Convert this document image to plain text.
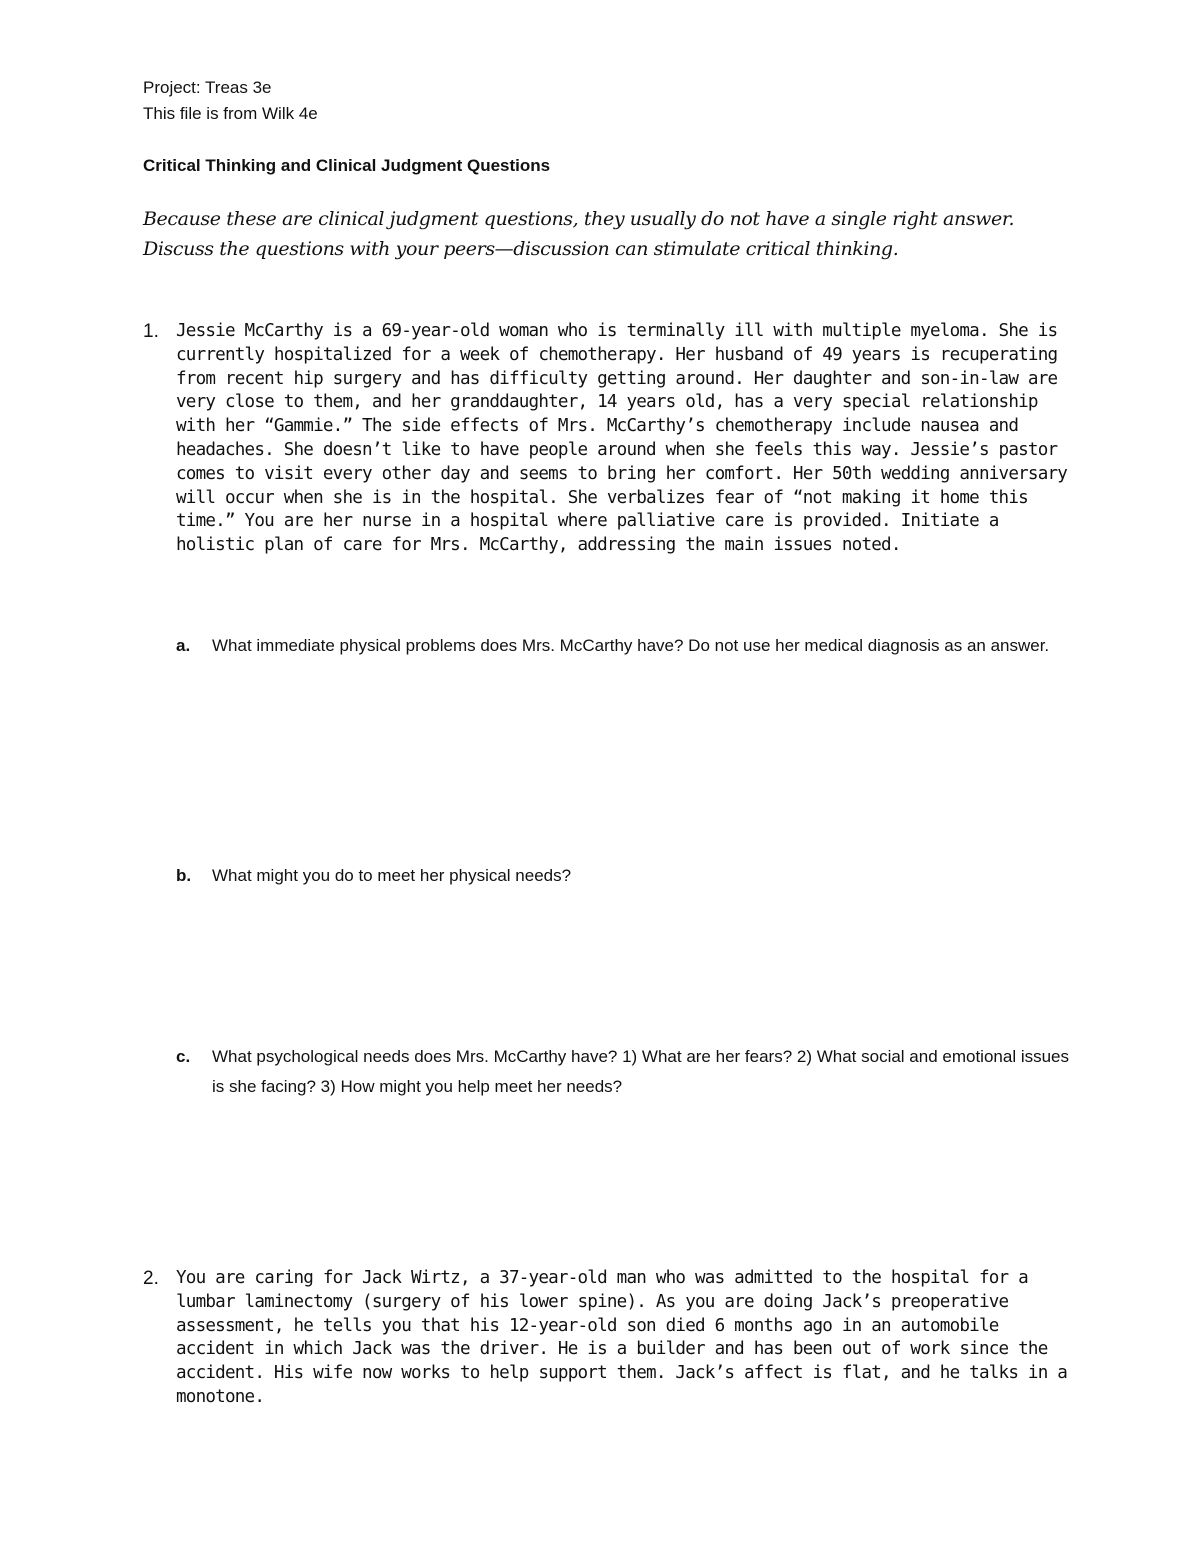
Project: Treas 3e
This file is from Wilk 4e
Critical Thinking and Clinical Judgment Questions
Because these are clinical judgment questions, they usually do not have a single right answer. Discuss the questions with your peers—discussion can stimulate critical thinking.
1. Jessie McCarthy is a 69-year-old woman who is terminally ill with multiple myeloma. She is currently hospitalized for a week of chemotherapy. Her husband of 49 years is recuperating from recent hip surgery and has difficulty getting around. Her daughter and son-in-law are very close to them, and her granddaughter, 14 years old, has a very special relationship with her “Gammie.” The side effects of Mrs. McCarthy’s chemotherapy include nausea and headaches. She doesn’t like to have people around when she feels this way. Jessie’s pastor comes to visit every other day and seems to bring her comfort. Her 50th wedding anniversary will occur when she is in the hospital. She verbalizes fear of “not making it home this time.” You are her nurse in a hospital where palliative care is provided. Initiate a holistic plan of care for Mrs. McCarthy, addressing the main issues noted.
a. What immediate physical problems does Mrs. McCarthy have? Do not use her medical diagnosis as an answer.
b. What might you do to meet her physical needs?
c. What psychological needs does Mrs. McCarthy have? 1) What are her fears? 2) What social and emotional issues is she facing? 3) How might you help meet her needs?
2. You are caring for Jack Wirtz, a 37-year-old man who was admitted to the hospital for a lumbar laminectomy (surgery of his lower spine). As you are doing Jack’s preoperative assessment, he tells you that his 12-year-old son died 6 months ago in an automobile accident in which Jack was the driver. He is a builder and has been out of work since the accident. His wife now works to help support them. Jack’s affect is flat, and he talks in a monotone.
